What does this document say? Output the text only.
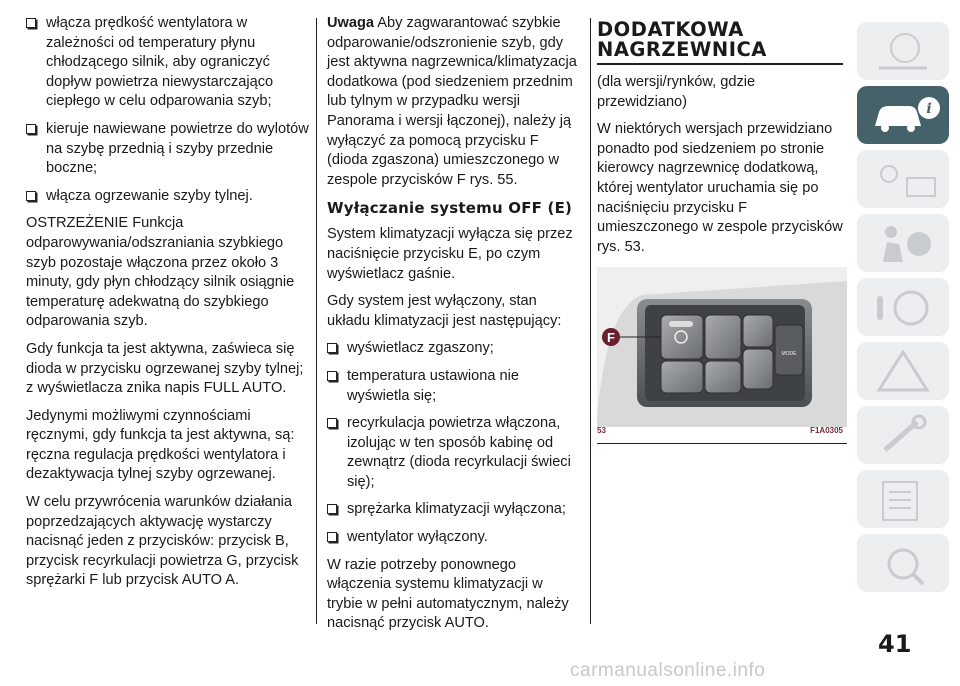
włącza prędkość wentylatora w zależności od temperatury płynu chłodzącego silnik, aby ograniczyć dopływ powietrza niewystarczająco ciepłego w celu odparowania szyb;
kieruje nawiewane powietrze do wylotów na szybę przednią i szyby przednie boczne;
włącza ogrzewanie szyby tylnej.

OSTRZEŻENIE Funkcja odparowywania/odszraniania szybkiego szyb pozostaje włączona przez około 3 minuty, gdy płyn chłodzący silnik osiągnie temperaturę adekwatną do szybkiego odparowania szyb.

Gdy funkcja ta jest aktywna, zaświeca się dioda w przycisku ogrzewanej szyby tylnej; z wyświetlacza znika napis FULL AUTO.

Jedynymi możliwymi czynnościami ręcznymi, gdy funkcja ta jest aktywna, są: ręczna regulacja prędkości wentylatora i dezaktywacja tylnej szyby ogrzewanej.

W celu przywrócenia warunków działania poprzedzających aktywację wystarczy nacisnąć jeden z przycisków: przycisk B, przycisk recyrkulacji powietrza G, przycisk sprężarki F lub przycisk AUTO A.

Uwaga Aby zagwarantować szybkie odparowanie/odszronienie szyb, gdy jest aktywna nagrzewnica/klimatyzacja dodatkowa (pod siedzeniem przednim lub tylnym w przypadku wersji Panorama i wersji łączonej), należy ją wyłączyć za pomocą przycisku F (dioda zgaszona) umieszczonego w zespole przycisków F rys. 55.

Wyłączanie systemu OFF (E)

System klimatyzacji wyłącza się przez naciśnięcie przycisku E, po czym wyświetlacz gaśnie.

Gdy system jest wyłączony, stan układu klimatyzacji jest następujący:

wyświetlacz zgaszony;
temperatura ustawiona nie wyświetla się;
recyrkulacja powietrza włączona, izolując w ten sposób kabinę od zewnątrz (dioda recyrkulacji świeci się);
sprężarka klimatyzacji wyłączona;
wentylator wyłączony.

W razie potrzeby ponownego włączenia systemu klimatyzacji w trybie w pełni automatycznym, należy nacisnąć przycisk AUTO.

DODATKOWA
NAGRZEWNICA

(dla wersji/rynków, gdzie przewidziano)

W niektórych wersjach przewidziano ponadto pod siedzeniem po stronie kierowcy nagrzewnicę dodatkową, której wentylator uruchamia się po naciśnięciu przycisku F umieszczonego w zespole przycisków rys. 53.

MODE
F
53	F1A0305
i
41
carmanualsonline.info
